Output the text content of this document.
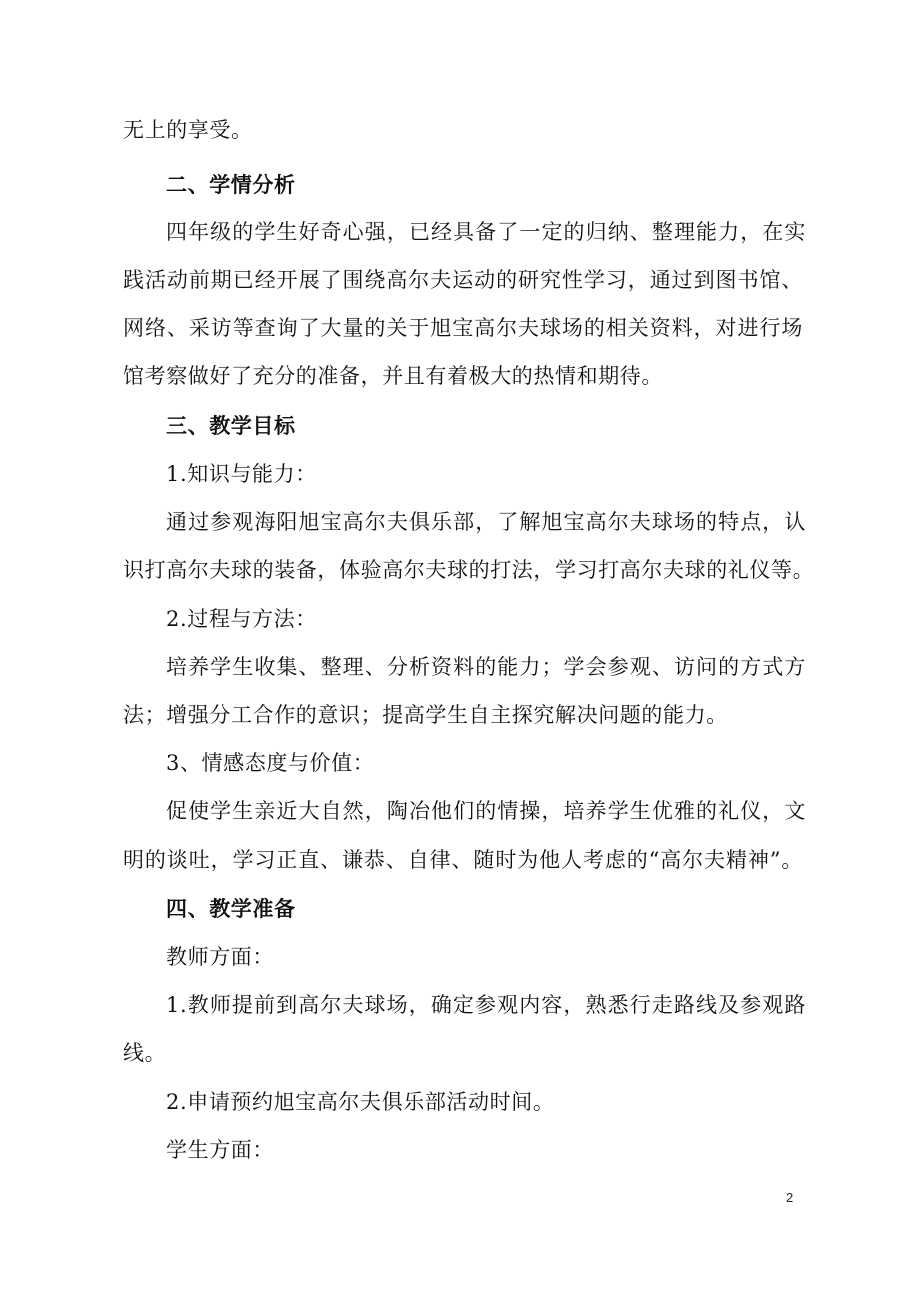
无上的享受。
二、学情分析
四年级的学生好奇心强，已经具备了一定的归纳、整理能力，在实
践活动前期已经开展了围绕高尔夫运动的研究性学习，通过到图书馆、
网络、采访等查询了大量的关于旭宝高尔夫球场的相关资料，对进行场
馆考察做好了充分的准备，并且有着极大的热情和期待。
三、教学目标
1.知识与能力：
通过参观海阳旭宝高尔夫俱乐部，了解旭宝高尔夫球场的特点，认
识打高尔夫球的装备，体验高尔夫球的打法，学习打高尔夫球的礼仪等。
2.过程与方法：
培养学生收集、整理、分析资料的能力；学会参观、访问的方式方
法；增强分工合作的意识；提高学生自主探究解决问题的能力。
3、情感态度与价值：
促使学生亲近大自然，陶冶他们的情操，培养学生优雅的礼仪，文
明的谈吐，学习正直、谦恭、自律、随时为他人考虑的“高尔夫精神”。
四、教学准备
教师方面：
1.教师提前到高尔夫球场，确定参观内容，熟悉行走路线及参观路
线。
2.申请预约旭宝高尔夫俱乐部活动时间。
学生方面：
2
